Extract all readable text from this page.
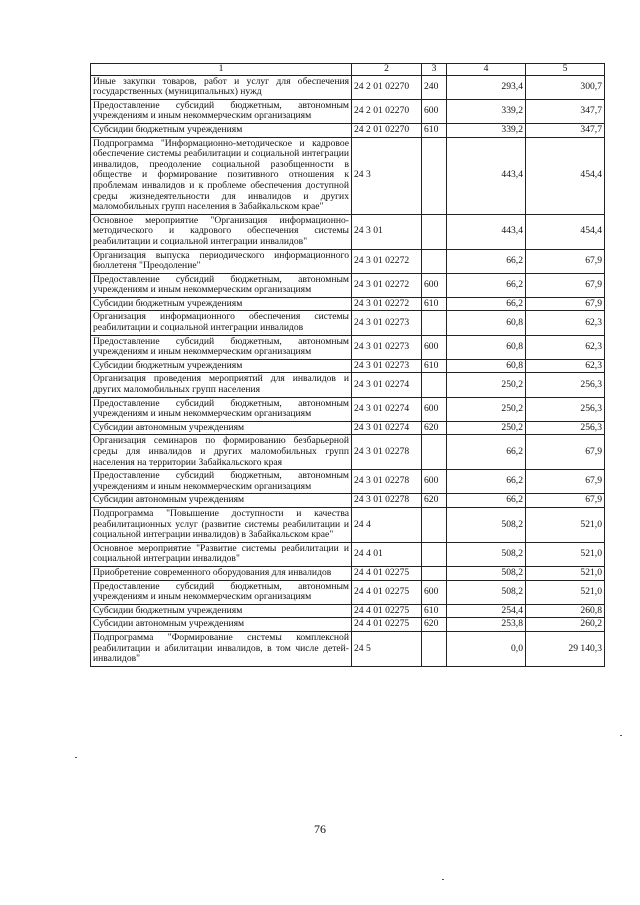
1	2	3	4	5
Иные закупки товаров, работ и услуг для обеспечения государственных (муниципальных) нужд	24 2 01 02270	240	293,4	300,7
Предоставление субсидий бюджетным, автономным учреждениям и иным некоммерческим организациям	24 2 01 02270	600	339,2	347,7
Субсидии бюджетным учреждениям	24 2 01 02270	610	339,2	347,7
Подпрограмма "Информационно-методическое и кадровое обеспечение системы реабилитации и социальной интеграции инвалидов, преодоление социальной разобщенности в обществе и формирование позитивного отношения к проблемам инвалидов и к проблеме обеспечения доступной среды жизнедеятельности для инвалидов и других маломобильных групп населения в Забайкальском крае"	24 3		443,4	454,4
Основное мероприятие "Организация информационно-методического и кадрового обеспечения системы реабилитации и социальной интеграции инвалидов"	24 3 01		443,4	454,4
Организация выпуска периодического информационного бюллетеня "Преодоление"	24 3 01 02272		66,2	67,9
Предоставление субсидий бюджетным, автономным учреждениям и иным некоммерческим организациям	24 3 01 02272	600	66,2	67,9
Субсидии бюджетным учреждениям	24 3 01 02272	610	66,2	67,9
Организация информационного обеспечения системы реабилитации и социальной интеграции инвалидов	24 3 01 02273		60,8	62,3
Предоставление субсидий бюджетным, автономным учреждениям и иным некоммерческим организациям	24 3 01 02273	600	60,8	62,3
Субсидии бюджетным учреждениям	24 3 01 02273	610	60,8	62,3
Организация проведения мероприятий для инвалидов и других маломобильных групп населения	24 3 01 02274		250,2	256,3
Предоставление субсидий бюджетным, автономным учреждениям и иным некоммерческим организациям	24 3 01 02274	600	250,2	256,3
Субсидии автономным учреждениям	24 3 01 02274	620	250,2	256,3
Организация семинаров по формированию безбарьерной среды для инвалидов и других маломобильных групп населения на территории Забайкальского края	24 3 01 02278		66,2	67,9
Предоставление субсидий бюджетным, автономным учреждениям и иным некоммерческим организациям	24 3 01 02278	600	66,2	67,9
Субсидии автономным учреждениям	24 3 01 02278	620	66,2	67,9
Подпрограмма "Повышение доступности и качества реабилитационных услуг (развитие системы реабилитации и социальной интеграции инвалидов) в Забайкальском крае"	24 4		508,2	521,0
Основное мероприятие "Развитие системы реабилитации и социальной интеграции инвалидов"	24 4 01		508,2	521,0
Приобретение современного оборудования для инвалидов	24 4 01 02275		508,2	521,0
Предоставление субсидий бюджетным, автономным учреждениям и иным некоммерческим организациям	24 4 01 02275	600	508,2	521,0
Субсидии бюджетным учреждениям	24 4 01 02275	610	254,4	260,8
Субсидии автономным учреждениям	24 4 01 02275	620	253,8	260,2
Подпрограмма "Формирование системы комплексной реабилитации и абилитации инвалидов, в том числе детей-инвалидов"	24 5		0,0	29 140,3
76
